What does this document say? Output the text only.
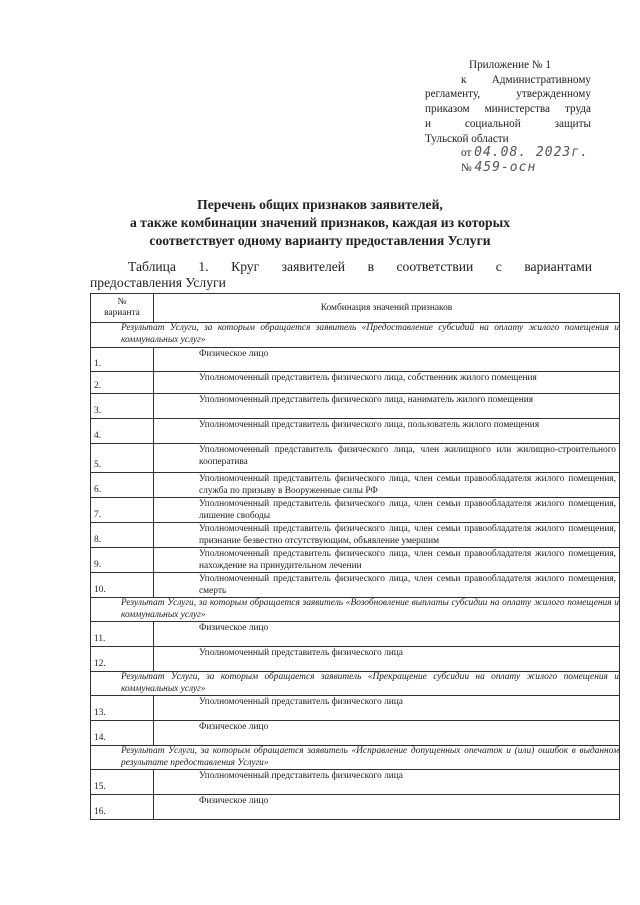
Приложение № 1
к Административному
регламенту, утвержденному
приказом министерства труда
и социальной защиты
Тульской области
от 04.08. 2023г.
№ 459-осн
Перечень общих признаков заявителей,
а также комбинации значений признаков, каждая из которых
соответствует одному варианту предоставления Услуги
Таблица 1. Круг заявителей в соответствии с вариантами
предоставления Услуги
№
варианта	Комбинация значений признаков

Результат Услуги, за которым обращается заявитель «Предоставление субсидий на оплату жилого помещения и коммунальных услуг»	

1.	Физическое лицо

2.	Уполномоченный представитель физического лица, собственник жилого помещения

3.	Уполномоченный представитель физического лица, наниматель жилого помещения

4.	Уполномоченный представитель физического лица, пользователь жилого помещения

5.	Уполномоченный представитель физического лица, член жилищного или жилищно-строительного кооператива

6.	Уполномоченный представитель физического лица, член семьи правообладателя жилого помещения, служба по призыву в Вооруженные силы РФ

7.	Уполномоченный представитель физического лица, член семьи правообладателя жилого помещения, лишение свободы

8.	Уполномоченный представитель физического лица, член семьи правообладателя жилого помещения, признание безвестно отсутствующим, объявление умершим

9.	Уполномоченный представитель физического лица, член семьи правообладателя жилого помещения, нахождение на принудительном лечении

10.	Уполномоченный представитель физического лица, член семьи правообладателя жилого помещения, смерть

Результат Услуги, за которым обращается заявитель «Возобновление выплаты субсидии на оплату жилого помещения и коммунальных услуг»	

11.	Физическое лицо

12.	Уполномоченный представитель физического лица

Результат Услуги, за которым обращается заявитель «Прекращение субсидии на оплату жилого помещения и коммунальных услуг»	

13.	Уполномоченный представитель физического лица

14.	Физическое лицо

Результат Услуги, за которым обращается заявитель «Исправление допущенных опечаток и (или) ошибок в выданном результате предоставления Услуги»	

15.	Уполномоченный представитель физического лица

16.	Физическое лицо
